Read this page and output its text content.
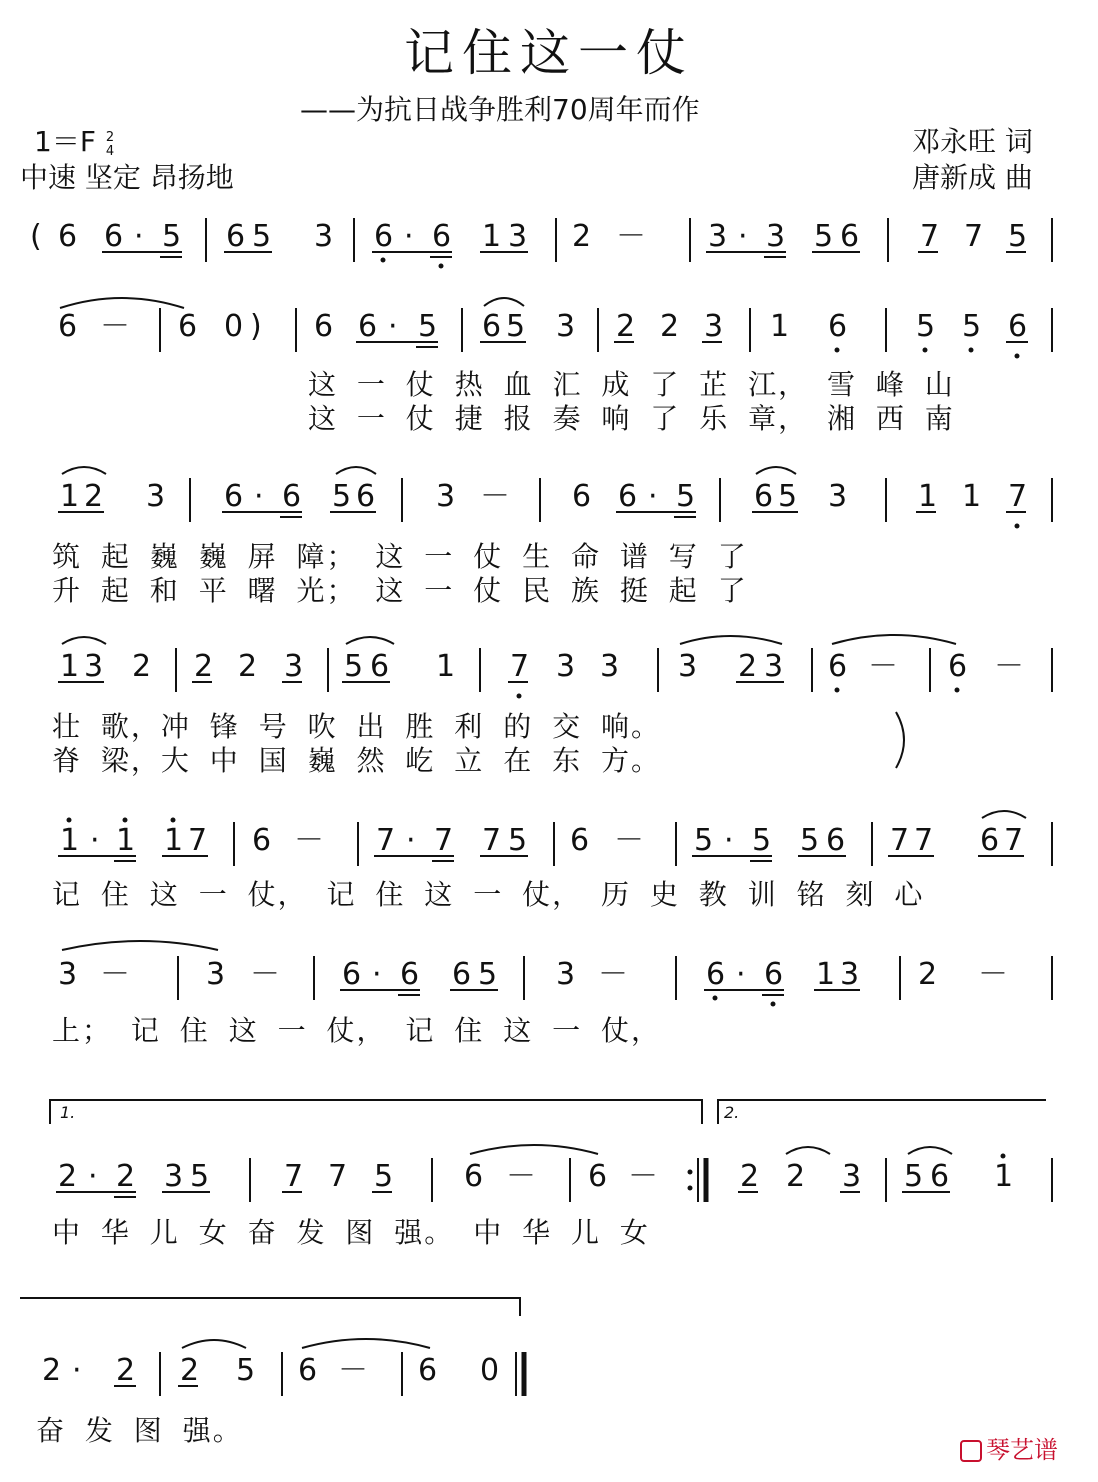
记住这一仗
——为抗日战争胜利70周年而作
1＝F 2
4
中速 坚定 昂扬地
邓永旺 词
唐新成 曲
( 6 6 · 5 6 5 3 6 · 6 1 3 2 － 3 · 3 5 6 7 7 5
6 － 6 0 ) 6 6 · 5 6 5 3 2 2 3 1 6 5 5 6
这 一 仗 热 血 汇 成 了 芷 江， 雪 峰 山
这 一 仗 捷 报 奏 响 了 乐 章， 湘 西 南
1 2 3 6 · 6 5 6 3 － 6 6 · 5 6 5 3 1 1 7
筑 起 巍 巍 屏 障； 这 一 仗 生 命 谱 写 了
升 起 和 平 曙 光； 这 一 仗 民 族 挺 起 了
1 3 2 2 2 3 5 6 1 7 3 3 3 2 3 6 － 6 －
壮 歌，冲 锋 号 吹 出 胜 利 的 交 响。
脊 梁，大 中 国 巍 然 屹 立 在 东 方。
1 · 1 1 7 6 － 7 · 7 7 5 6 － 5 · 5 5 6 7 7 6 7
记 住 这 一 仗， 记 住 这 一 仗， 历 史 教 训 铭 刻 心
3 －	3 － 6 · 6 6 5 3 －	6 · 6 1 3 2 －
上； 记 住 这 一 仗， 记 住 这 一 仗，
1.	2.
2 · 2 3 5 7 7 5 6 － 6 －	2 2 3 5 6 1
中 华 儿 女 奋 发 图 强。 中 华 儿 女
2 · 2 2 5 6 － 6 0
奋 发 图 强。
琴艺谱
